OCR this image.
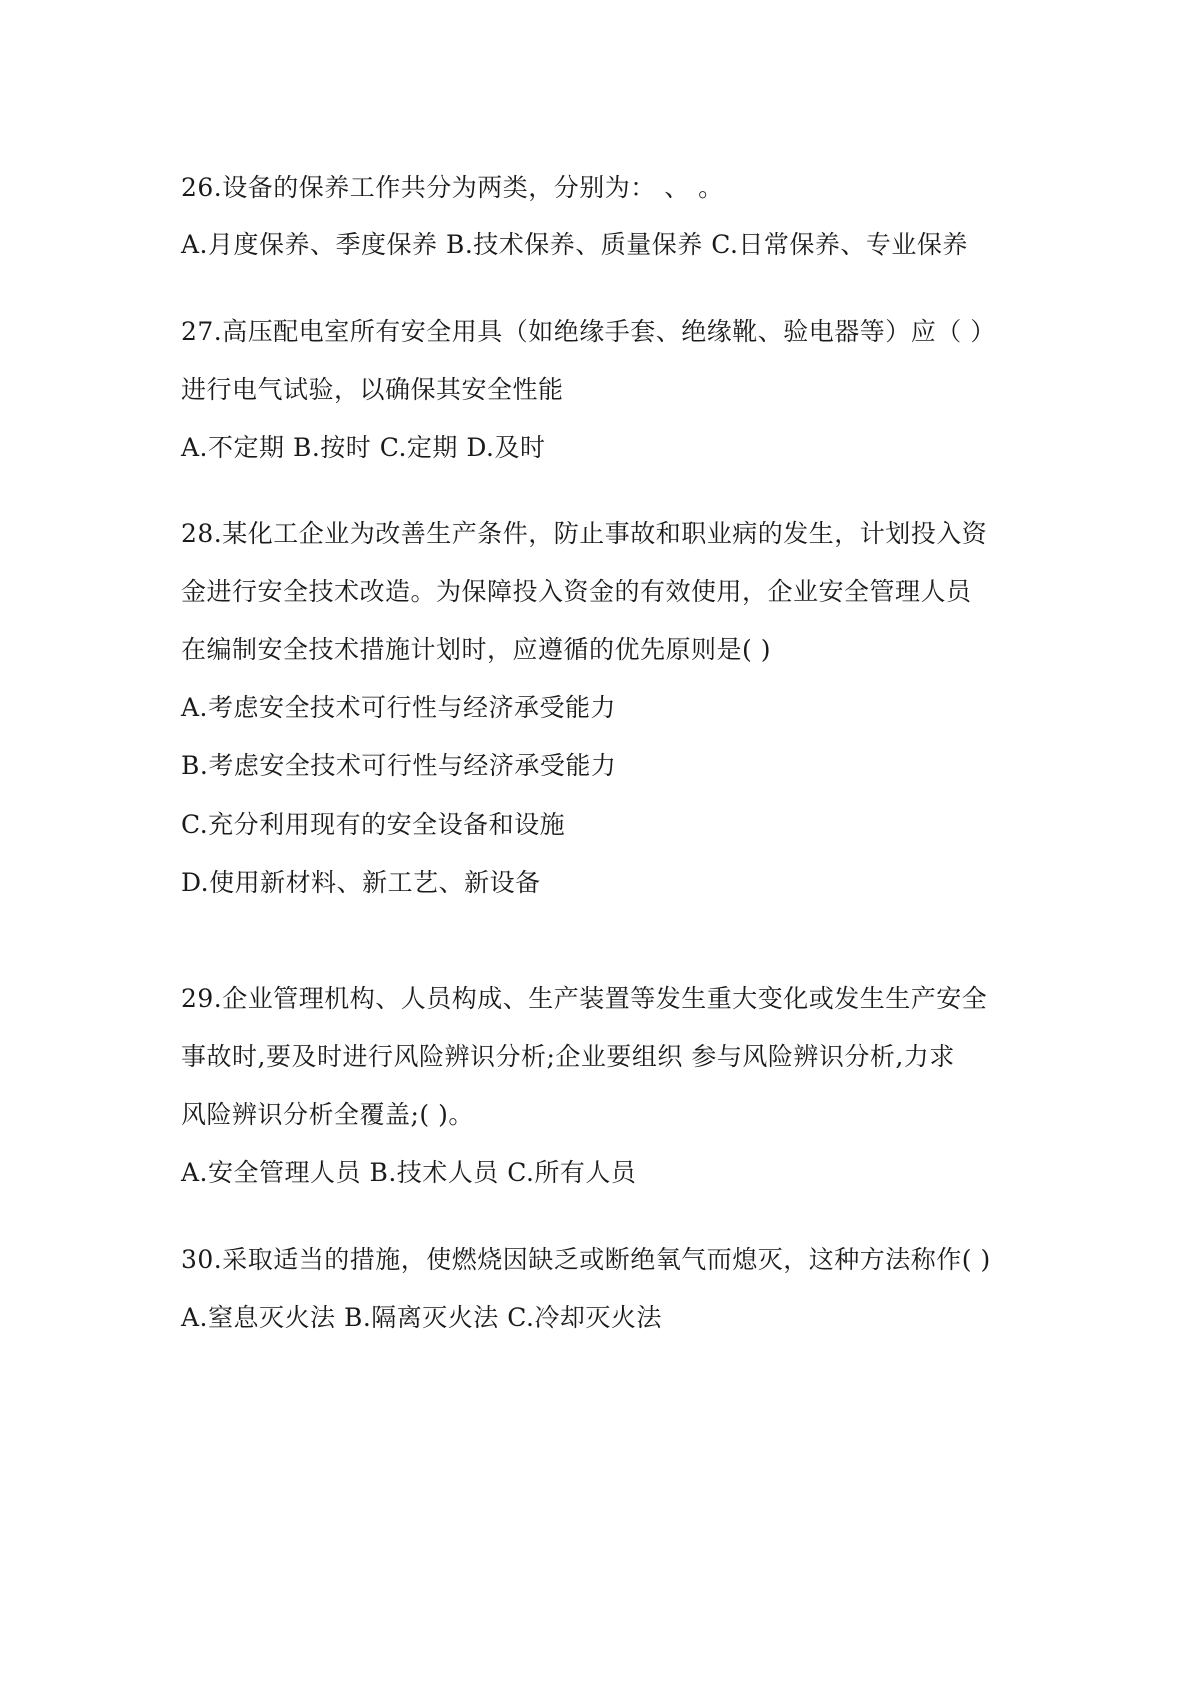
26.设备的保养工作共分为两类，分别为： 、 。
A.月度保养、季度保养 B.技术保养、质量保养 C.日常保养、专业保养
27.高压配电室所有安全用具（如绝缘手套、绝缘靴、验电器等）应（ ）
进行电气试验，以确保其安全性能
A.不定期 B.按时 C.定期 D.及时
28.某化工企业为改善生产条件，防止事故和职业病的发生，计划投入资
金进行安全技术改造。为保障投入资金的有效使用，企业安全管理人员
在编制安全技术措施计划时，应遵循的优先原则是( )
A.考虑安全技术可行性与经济承受能力
B.考虑安全技术可行性与经济承受能力
C.充分利用现有的安全设备和设施
D.使用新材料、新工艺、新设备
29.企业管理机构、人员构成、生产装置等发生重大变化或发生生产安全
事故时,要及时进行风险辨识分析;企业要组织 参与风险辨识分析,力求
风险辨识分析全覆盖;( )。
A.安全管理人员 B.技术人员 C.所有人员
30.采取适当的措施，使燃烧因缺乏或断绝氧气而熄灭，这种方法称作( )
A.窒息灭火法 B.隔离灭火法 C.冷却灭火法
